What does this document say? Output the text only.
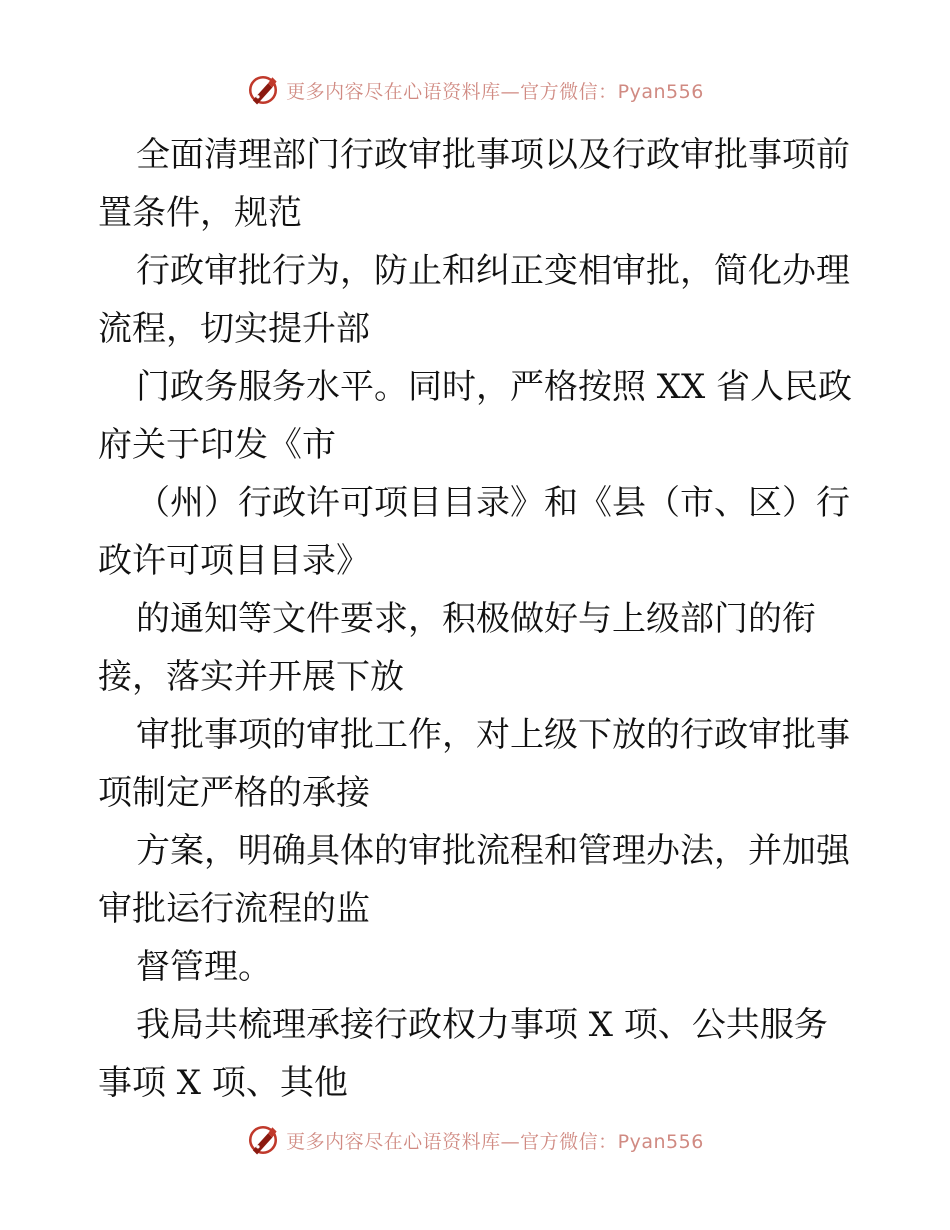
更多内容尽在心语资料库—官方微信：Pyan556
全面清理部门行政审批事项以及行政审批事项前
置条件，规范
行政审批行为，防止和纠正变相审批，简化办理
流程，切实提升部
门政务服务水平。同时，严格按照 XX 省人民政
府关于印发《市
（州）行政许可项目目录》和《县（市、区）行
政许可项目目录》
的通知等文件要求，积极做好与上级部门的衔
接，落实并开展下放
审批事项的审批工作，对上级下放的行政审批事
项制定严格的承接
方案，明确具体的审批流程和管理办法，并加强
审批运行流程的监
督管理。
我局共梳理承接行政权力事项 X 项、公共服务
事项 X 项、其他
更多内容尽在心语资料库—官方微信：Pyan556
